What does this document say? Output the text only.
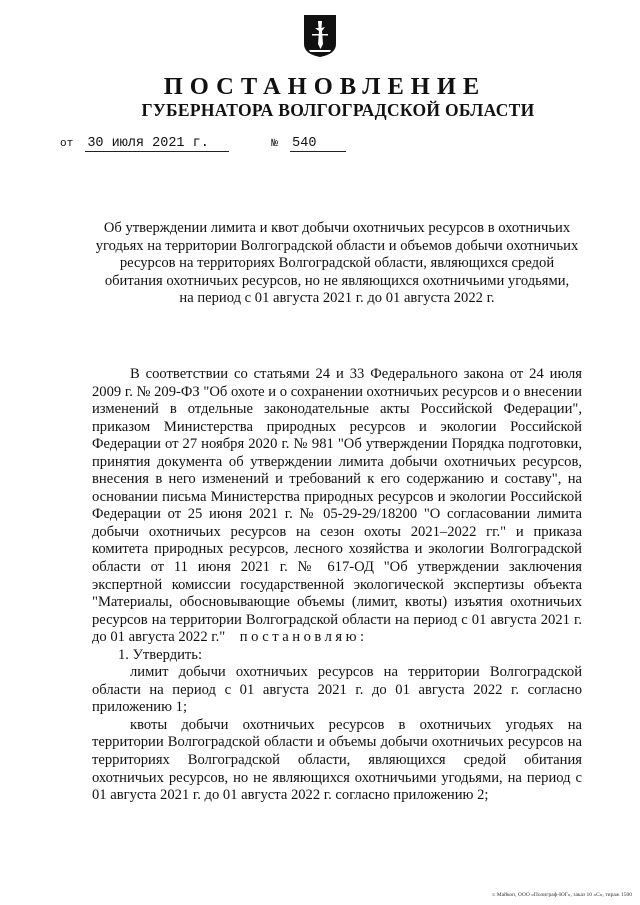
ПОСТАНОВЛЕНИЕ
ГУБЕРНАТОРА ВОЛГОГРАДСКОЙ ОБЛАСТИ
от 30 июля 2021 г.	№ 540
Об утверждении лимита и квот добычи охотничьих ресурсов в охотничьих
угодьях на территории Волгоградской области и объемов добычи охотничьих
ресурсов на территориях Волгоградской области, являющихся средой
обитания охотничьих ресурсов, но не являющихся охотничьими угодьями,
на период с 01 августа 2021 г. до 01 августа 2022 г.

В соответствии со статьями 24 и 33 Федерального закона от 24 июля 2009 г. № 209-ФЗ "Об охоте и о сохранении охотничьих ресурсов и о внесении изменений в отдельные законодательные акты Российской Федерации", приказом Министерства природных ресурсов и экологии Российской Федерации от 27 ноября 2020 г. № 981 "Об утверждении Порядка подготовки, принятия документа об утверждении лимита добычи охотничьих ресурсов, внесения в него изменений и требований к его содержанию и составу", на основании письма Министерства природных ресурсов и экологии Российской Федерации от 25 июня 2021 г. № 05-29-29/18200 "О согласовании лимита добычи охотничьих ресурсов на сезон охоты 2021–2022 гг." и приказа комитета природных ресурсов, лесного хозяйства и экологии Волгоградской области от 11 июня 2021 г. № 617-ОД "Об утверждении заключения экспертной комиссии государственной экологической экспертизы объекта "Материалы, обосновывающие объемы (лимит, квоты) изъятия охотничьих ресурсов на территории Волгоградской области на период с 01 августа 2021 г. до 01 августа 2022 г." постановляю:

1. Утвердить:

лимит добычи охотничьих ресурсов на территории Волгоградской области на период с 01 августа 2021 г. до 01 августа 2022 г. согласно приложению 1;

квоты добычи охотничьих ресурсов в охотничьих угодьях на территории Волгоградской области и объемы добычи охотничьих ресурсов на территориях Волгоградской области, являющихся средой обитания охотничьих ресурсов, но не являющихся охотничьими угодьями, на период с 01 августа 2021 г. до 01 августа 2022 г. согласно приложению 2;

г. Майкоп, ООО «Полиграф-ЮГ», заказ 10 «С», тираж 1500
